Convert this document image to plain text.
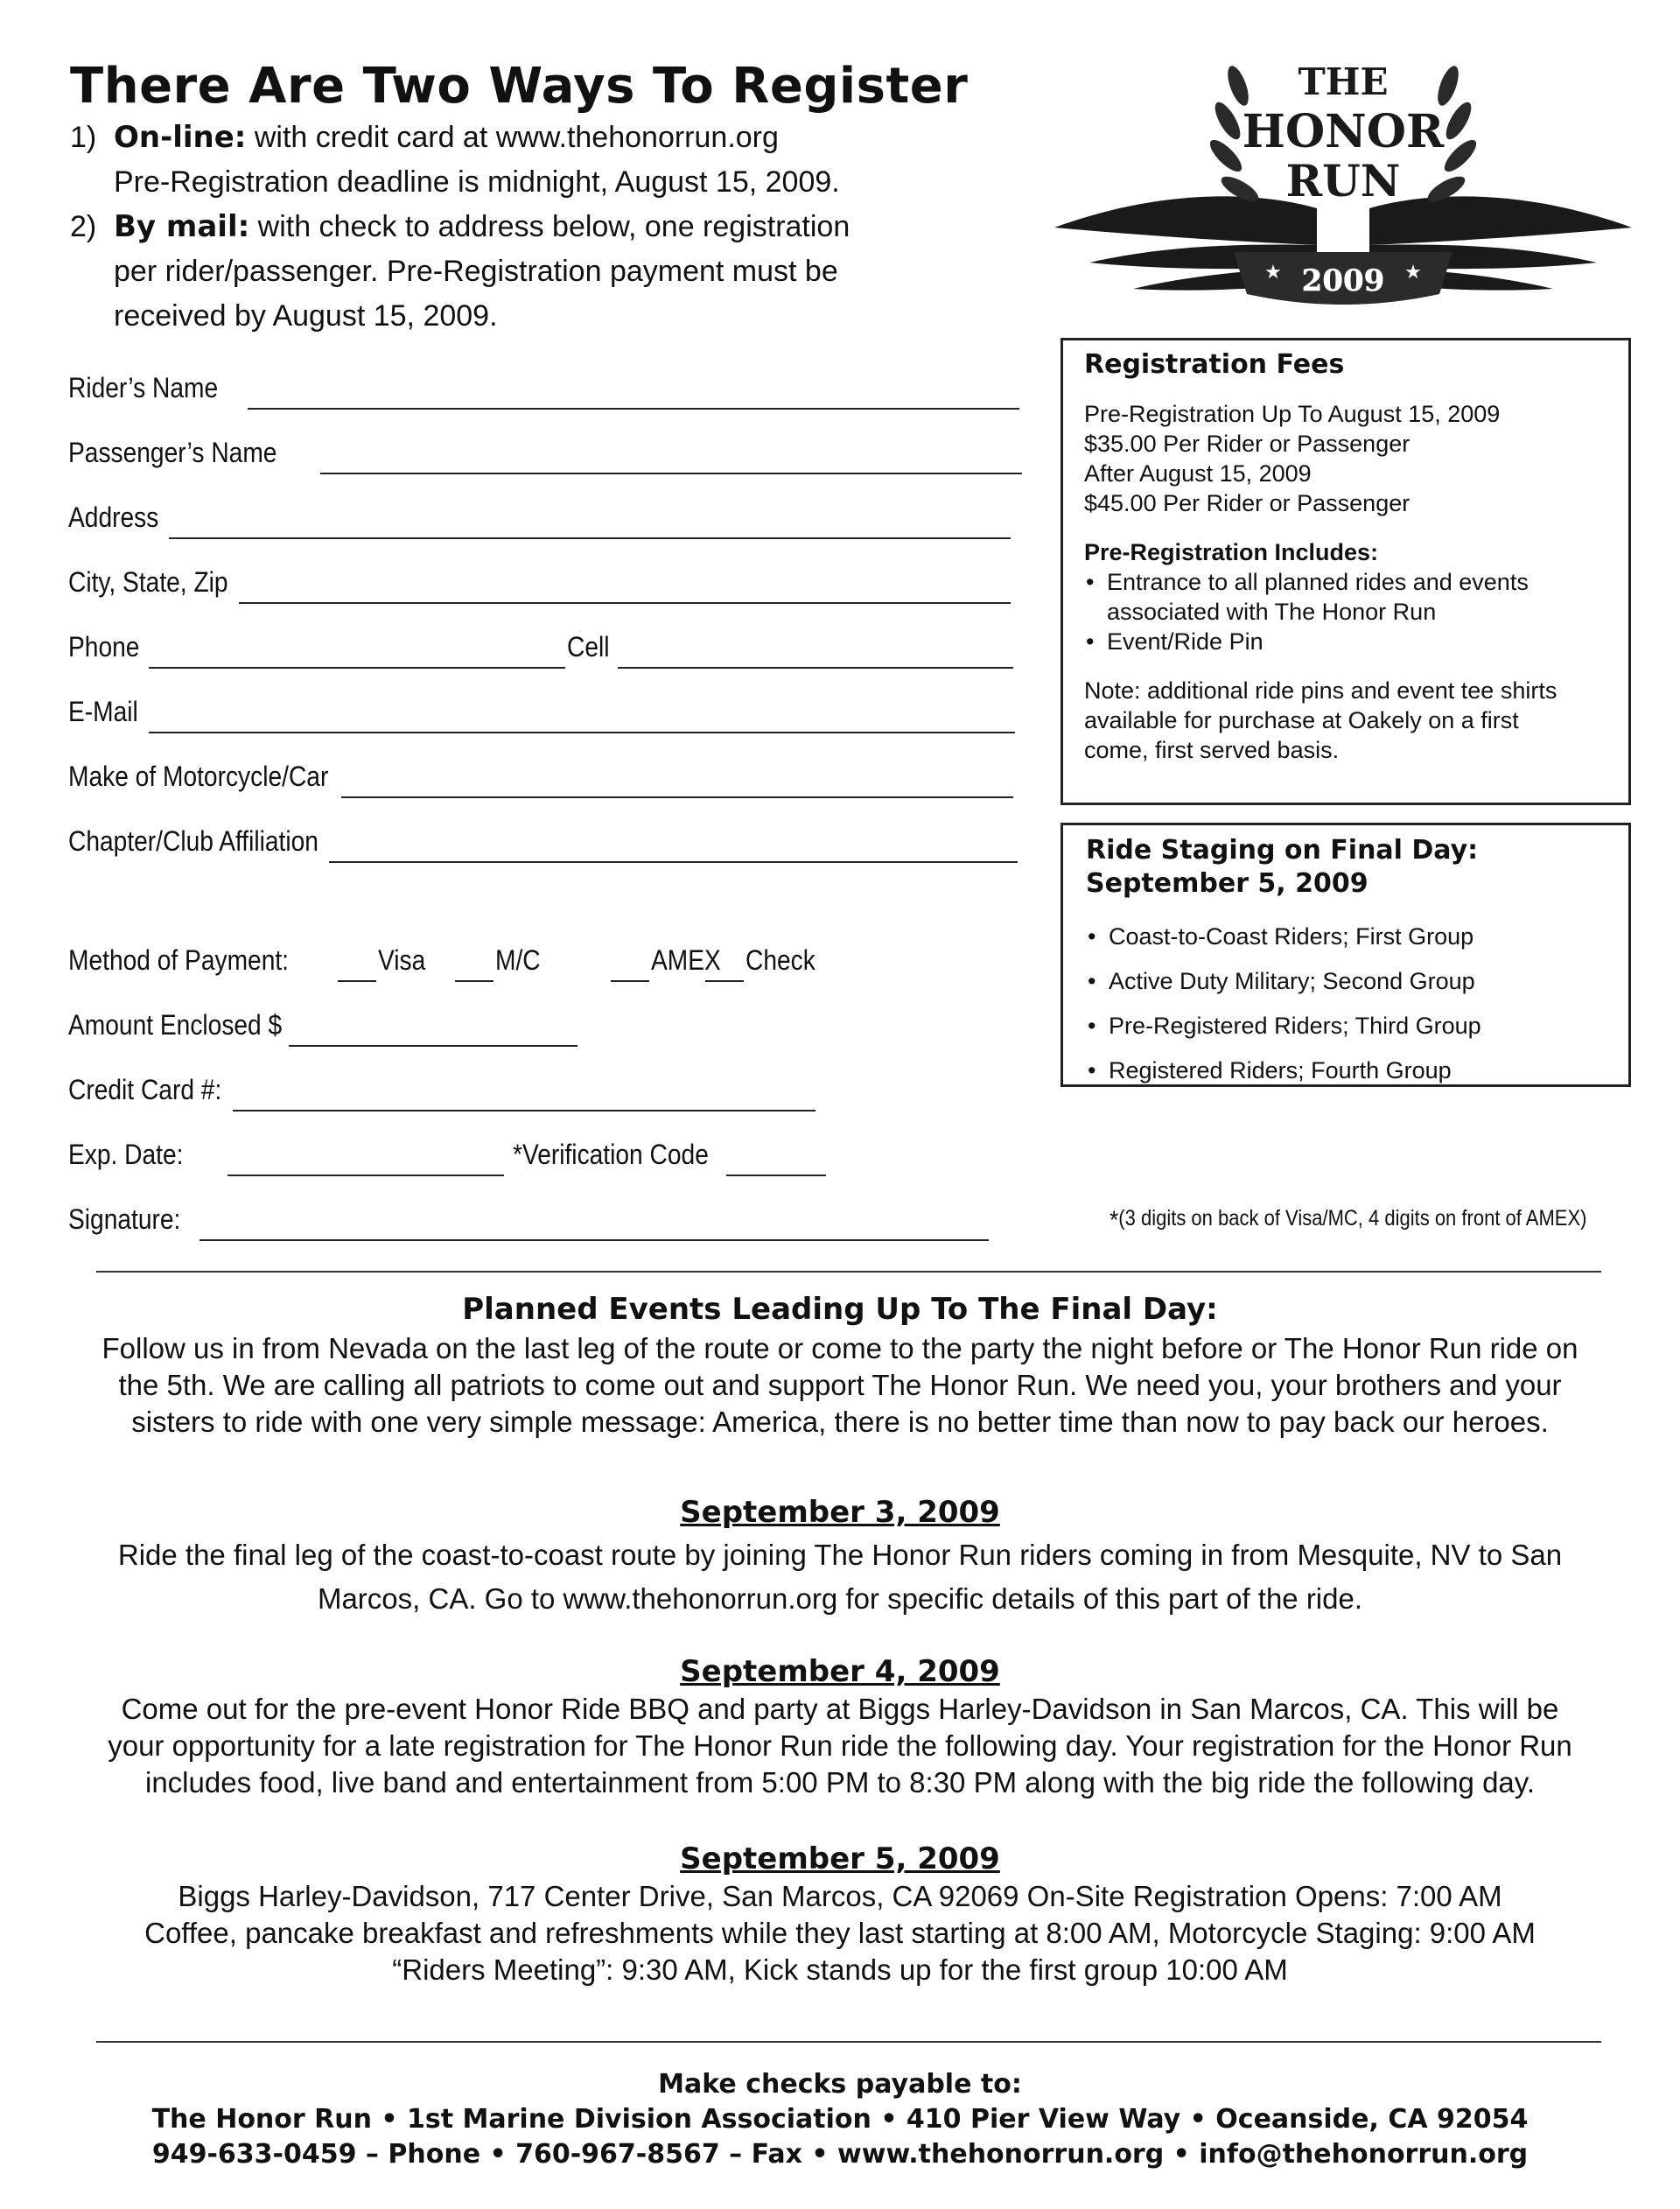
There Are Two Ways To Register
1) On-line: with credit card at www.thehonorrun.org
Pre-Registration deadline is midnight, August 15, 2009.
2) By mail: with check to address below, one registration
per rider/passenger. Pre-Registration payment must be
received by August 15, 2009.
THE
HONOR
RUN
2009
★	★
Rider’s Name
Passenger’s Name
Address
City, State, Zip
Phone	Cell
E-Mail
Make of Motorcycle/Car
Chapter/Club Affiliation
Method of Payment:	Visa M/C	AMEX Check
Amount Enclosed $
Credit Card #:
Exp. Date:	*Verification Code
Signature:	*(3 digits on back of Visa/MC, 4 digits on front of AMEX)
Registration Fees
Pre-Registration Up To August 15, 2009
$35.00 Per Rider or Passenger
After August 15, 2009
$45.00 Per Rider or Passenger
Pre-Registration Includes:
• Entrance to all planned rides and events
associated with The Honor Run
• Event/Ride Pin
Note: additional ride pins and event tee shirts
available for purchase at Oakely on a first
come, first served basis.
Ride Staging on Final Day:
September 5, 2009
• Coast-to-Coast Riders; First Group
• Active Duty Military; Second Group
• Pre-Registered Riders; Third Group
• Registered Riders; Fourth Group
Planned Events Leading Up To The Final Day:
Follow us in from Nevada on the last leg of the route or come to the party the night before or The Honor Run ride on
the 5th. We are calling all patriots to come out and support The Honor Run. We need you, your brothers and your
sisters to ride with one very simple message: America, there is no better time than now to pay back our heroes.
September 3, 2009
Ride the final leg of the coast-to-coast route by joining The Honor Run riders coming in from Mesquite, NV to San
Marcos, CA. Go to www.thehonorrun.org for specific details of this part of the ride.
September 4, 2009
Come out for the pre-event Honor Ride BBQ and party at Biggs Harley-Davidson in San Marcos, CA. This will be
your opportunity for a late registration for The Honor Run ride the following day. Your registration for the Honor Run
includes food, live band and entertainment from 5:00 PM to 8:30 PM along with the big ride the following day.
September 5, 2009
Biggs Harley-Davidson, 717 Center Drive, San Marcos, CA 92069 On-Site Registration Opens: 7:00 AM
Coffee, pancake breakfast and refreshments while they last starting at 8:00 AM, Motorcycle Staging: 9:00 AM
“Riders Meeting”: 9:30 AM, Kick stands up for the first group 10:00 AM
Make checks payable to:
The Honor Run • 1st Marine Division Association • 410 Pier View Way • Oceanside, CA 92054
949-633-0459 – Phone • 760-967-8567 – Fax • www.thehonorrun.org • info@thehonorrun.org
